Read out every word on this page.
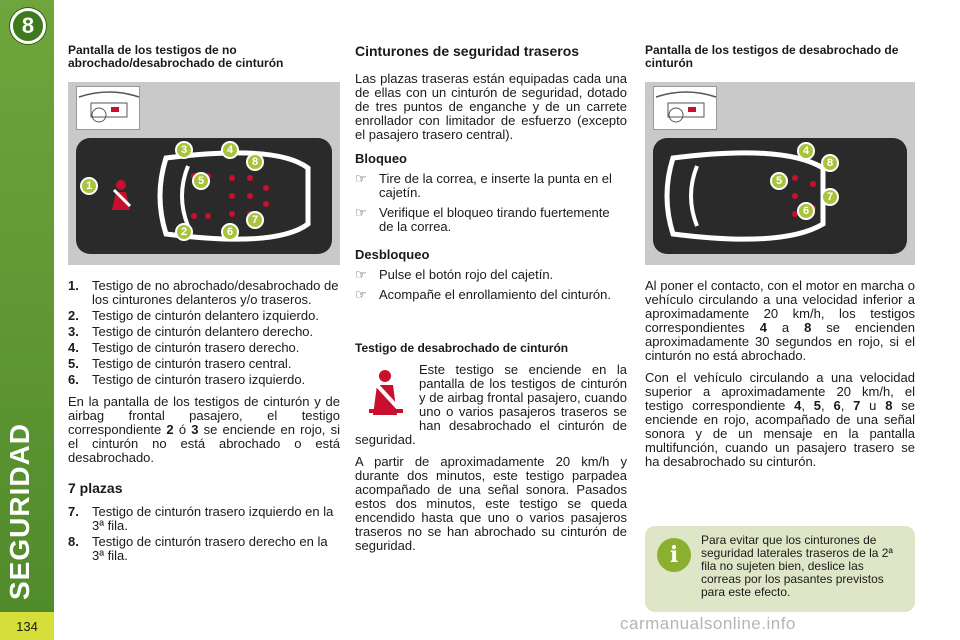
8
SEGURIDAD
134
Pantalla de los testigos de no abrochado/desabrochado de cinturón
1
2
3	4
5
6
7
8
1.	Testigo de no abrochado/desabrochado de los cinturones delanteros y/o traseros.
2.	Testigo de cinturón delantero izquierdo.
3.	Testigo de cinturón delantero derecho.
4.	Testigo de cinturón trasero derecho.
5.	Testigo de cinturón trasero central.
6.	Testigo de cinturón trasero izquierdo.

En la pantalla de los testigos de cinturón y de airbag frontal pasajero, el testigo correspondiente 2 ó 3 se enciende en rojo, si el cinturón no está abrochado o está desabrochado.

7 plazas
7.	Testigo de cinturón trasero izquierdo en la 3ª fila.
8.	Testigo de cinturón trasero derecho en la 3ª fila.
Cinturones de seguridad traseros

Las plazas traseras están equipadas cada una de ellas con un cinturón de seguridad, dotado de tres puntos de enganche y de un carrete enrollador con limitador de esfuerzo (excepto el pasajero trasero central).

Bloqueo
☞ Tire de la correa, e inserte la punta en el cajetín.
☞ Verifique el bloqueo tirando fuertemente de la correa.
Desbloqueo
☞ Pulse el botón rojo del cajetín.
☞ Acompañe el enrollamiento del cinturón.
Testigo de desabrochado de cinturón

Este testigo se enciende en la pantalla de los testigos de cinturón y de airbag frontal pasajero, cuando uno o varios pasajeros traseros se han desabrochado el cinturón de seguridad.

A partir de aproximadamente 20 km/h y durante dos minutos, este testigo parpadea acompañado de una señal sonora. Pasados estos dos minutos, este testigo se queda encendido hasta que uno o varios pasajeros traseros no se han abrochado su cinturón de seguridad.

Pantalla de los testigos de desabrochado de cinturón
4
5
6
7
8

Al poner el contacto, con el motor en marcha o vehículo circulando a una velocidad inferior a aproximadamente 20 km/h, los testigos correspondientes 4 a 8 se encienden aproximadamente 30 segundos en rojo, si el cinturón no está abrochado.

Con el vehículo circulando a una velocidad superior a aproximadamente 20 km/h, el testigo correspondiente 4, 5, 6, 7 u 8 se enciende en rojo, acompañado de una señal sonora y de un mensaje en la pantalla multifunción, cuando un pasajero trasero se ha desabrochado su cinturón.

i
Para evitar que los cinturones de seguridad laterales traseros de la 2ª fila no sujeten bien, deslice las correas por los pasantes previstos para este efecto.
carmanualsonline.info
